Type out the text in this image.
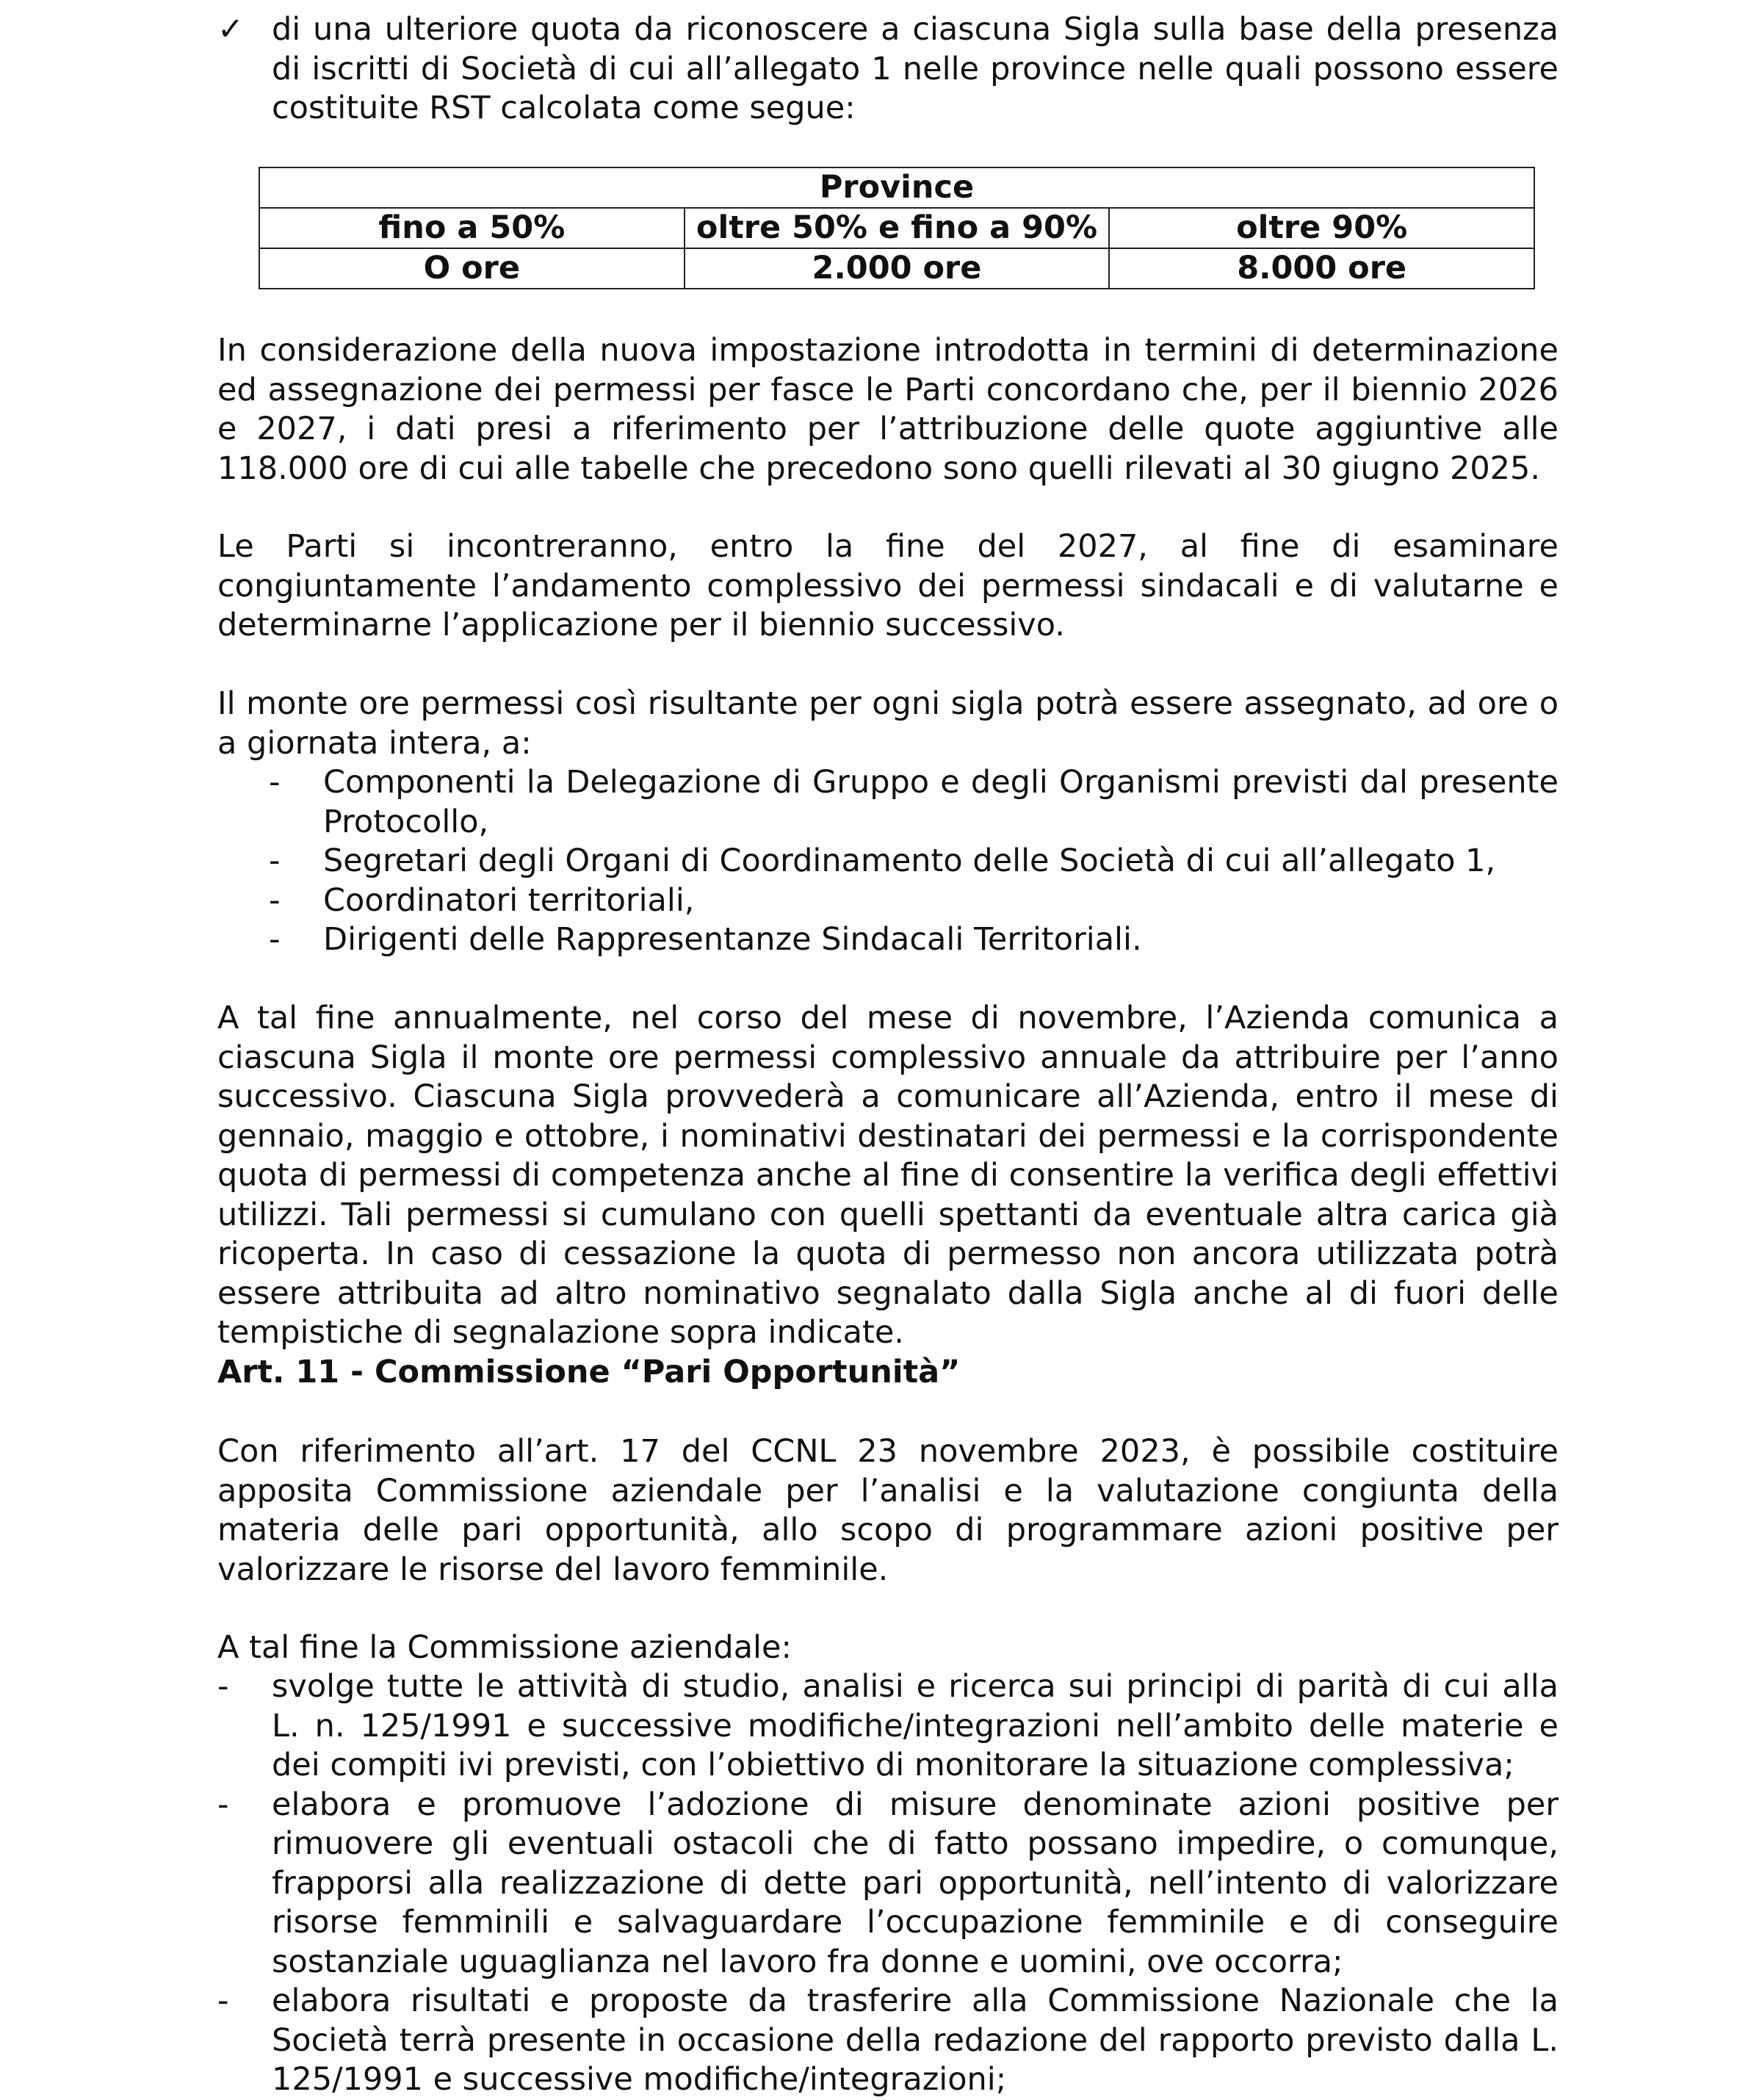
✓ di una ulteriore quota da riconoscere a ciascuna Sigla sulla base della presenza di iscritti di Società di cui all’allegato 1 nelle province nelle quali possono essere costituite RST calcolata come segue:
Province		
fino a 50%	oltre 50% e fino a 90%	oltre 90%
O ore	2.000 ore	8.000 ore

In considerazione della nuova impostazione introdotta in termini di determinazione ed assegnazione dei permessi per fasce le Parti concordano che, per il biennio 2026 e 2027, i dati presi a riferimento per l’attribuzione delle quote aggiuntive alle 118.000 ore di cui alle tabelle che precedono sono quelli rilevati al 30 giugno 2025.

Le Parti si incontreranno, entro la fine del 2027, al fine di esaminare congiuntamente l’andamento complessivo dei permessi sindacali e di valutarne e determinarne l’applicazione per il biennio successivo.

Il monte ore permessi così risultante per ogni sigla potrà essere assegnato, ad ore o a giornata intera, a:

- Componenti la Delegazione di Gruppo e degli Organismi previsti dal presente Protocollo,
- Segretari degli Organi di Coordinamento delle Società di cui all’allegato 1,
- Coordinatori territoriali,
- Dirigenti delle Rappresentanze Sindacali Territoriali.

A tal fine annualmente, nel corso del mese di novembre, l’Azienda comunica a ciascuna Sigla il monte ore permessi complessivo annuale da attribuire per l’anno successivo. Ciascuna Sigla provvederà a comunicare all’Azienda, entro il mese di gennaio, maggio e ottobre, i nominativi destinatari dei permessi e la corrispondente quota di permessi di competenza anche al fine di consentire la verifica degli effettivi utilizzi. Tali permessi si cumulano con quelli spettanti da eventuale altra carica già ricoperta. In caso di cessazione la quota di permesso non ancora utilizzata potrà essere attribuita ad altro nominativo segnalato dalla Sigla anche al di fuori delle tempistiche di segnalazione sopra indicate.

Art. 11 - Commissione “Pari Opportunità”

Con riferimento all’art. 17 del CCNL 23 novembre 2023, è possibile costituire apposita Commissione aziendale per l’analisi e la valutazione congiunta della materia delle pari opportunità, allo scopo di programmare azioni positive per valorizzare le risorse del lavoro femminile.

A tal fine la Commissione aziendale:

- svolge tutte le attività di studio, analisi e ricerca sui principi di parità di cui alla L. n. 125/1991 e successive modifiche/integrazioni nell’ambito delle materie e dei compiti ivi previsti, con l’obiettivo di monitorare la situazione complessiva;
- elabora e promuove l’adozione di misure denominate azioni positive per rimuovere gli eventuali ostacoli che di fatto possano impedire, o comunque, frapporsi alla realizzazione di dette pari opportunità, nell’intento di valorizzare risorse femminili e salvaguardare l’occupazione femminile e di conseguire sostanziale uguaglianza nel lavoro fra donne e uomini, ove occorra;
- elabora risultati e proposte da trasferire alla Commissione Nazionale che la Società terrà presente in occasione della redazione del rapporto previsto dalla L. 125/1991 e successive modifiche/integrazioni;
